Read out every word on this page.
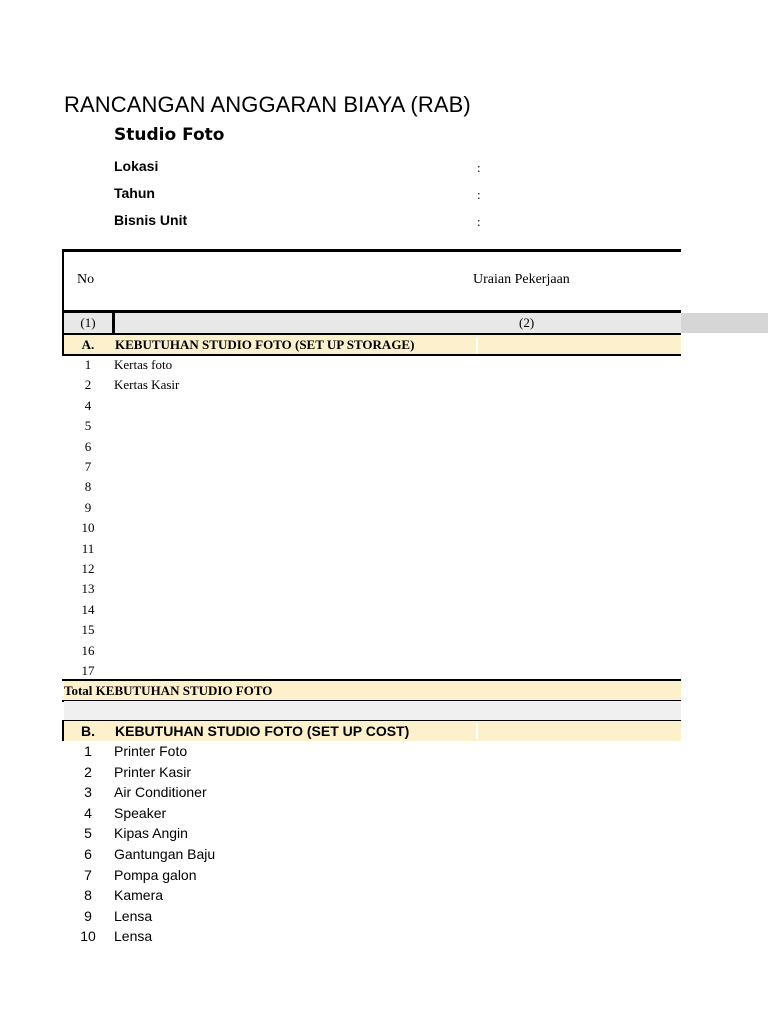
RANCANGAN ANGGARAN BIAYA (RAB)
Studio Foto
Lokasi	:
Tahun	:
Bisnis Unit	:
No	Uraian Pekerjaan
(1)	(2)
A.	KEBUTUHAN STUDIO FOTO (SET UP STORAGE)
1	Kertas foto
2	Kertas Kasir
4
5
6
7
8
9
10
11
12
13
14
15
16
17
Total KEBUTUHAN STUDIO FOTO
B.	KEBUTUHAN STUDIO FOTO (SET UP COST)
1	Printer Foto
2	Printer Kasir
3	Air Conditioner
4	Speaker
5	Kipas Angin
6	Gantungan Baju
7	Pompa galon
8	Kamera
9	Lensa
10	Lensa
